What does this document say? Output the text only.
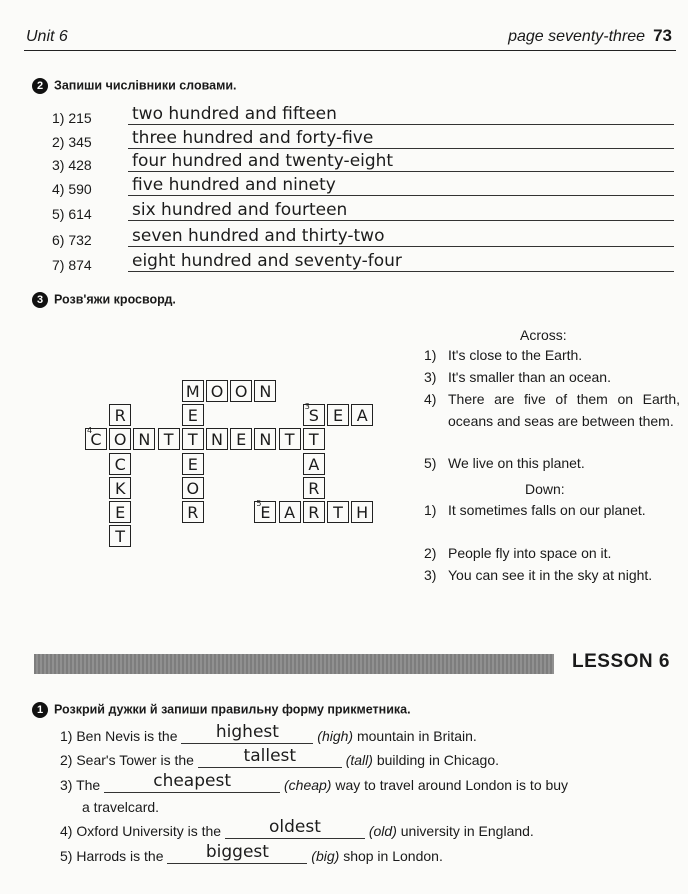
Unit 6	page seventy-three 73
2 Запиши числівники словами.
1) 215 two hundred and fifteen
2) 345 three hundred and forty-five
3) 428 four hundred and twenty-eight
4) 590 five hundred and ninety
5) 614 six hundred and fourteen
6) 732 seven hundred and thirty-two
7) 874 eight hundred and seventy-four
3 Розв'яжи кросворд.
M O O N
E
T
E
O
R
S
3	E A
C
4 O N T	N E N T
R
C
K
E
T
T
A
R
E
5	A R T H
Across:
1) It's close to the Earth.
3) It's smaller than an ocean.
4) There are five of them on Earth, oceans and seas are between them.
5) We live on this planet.
Down:
1) It sometimes falls on our planet.
2) People fly into space on it.
3) You can see it in the sky at night.
LESSON 6
1 Розкрий дужки й запиши правильну форму прикметника.
1) Ben Nevis is the	highest	(high) mountain in Britain.
2) Sear's Tower is the	tallest	(tall) building in Chicago.
3) The	cheapest	(cheap) way to travel around London is to buy
a travelcard.
4) Oxford University is the	oldest	(old) university in England.
5) Harrods is the	biggest	(big) shop in London.
